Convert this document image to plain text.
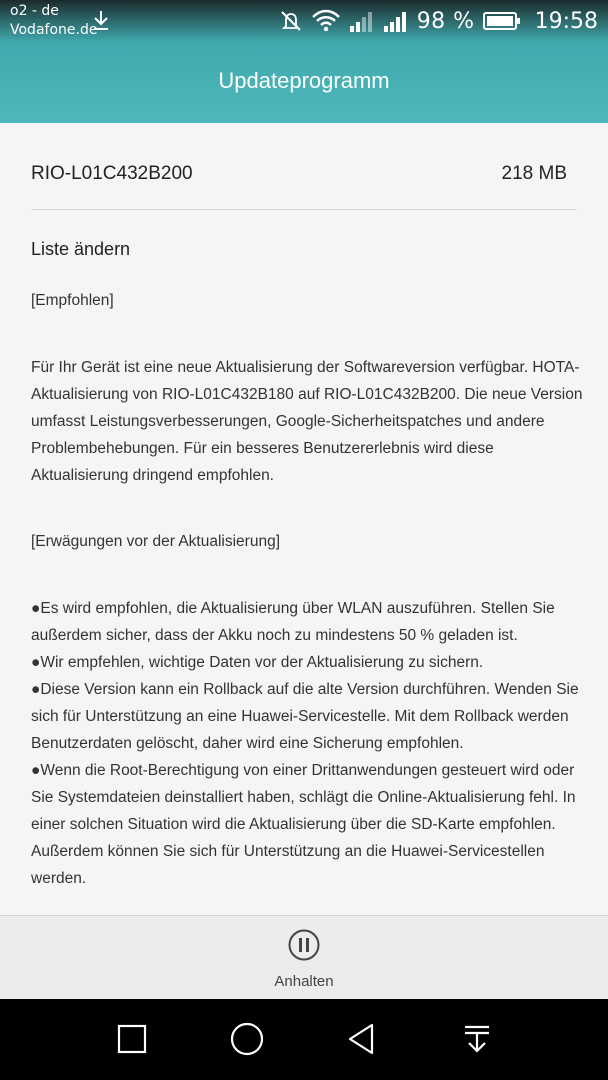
o2 - de
Vodafone.de	98 %	19:58
Updateprogramm
RIO-L01C432B200	218 MB
Liste ändern
[Empfohlen]
Für Ihr Gerät ist eine neue Aktualisierung der Softwareversion verfügbar. HOTA-Aktualisierung von RIO-L01C432B180 auf RIO-L01C432B200. Die neue Version umfasst Leistungsverbesserungen, Google-Sicherheitspatches und andere Problembehebungen. Für ein besseres Benutzererlebnis wird diese Aktualisierung dringend empfohlen.
[Erwägungen vor der Aktualisierung]

●Es wird empfohlen, die Aktualisierung über WLAN auszuführen. Stellen Sie außerdem sicher, dass der Akku noch zu mindestens 50 % geladen ist.

●Wir empfehlen, wichtige Daten vor der Aktualisierung zu sichern.

●Diese Version kann ein Rollback auf die alte Version durchführen. Wenden Sie sich für Unterstützung an eine Huawei-Servicestelle. Mit dem Rollback werden Benutzerdaten gelöscht, daher wird eine Sicherung empfohlen.

●Wenn die Root-Berechtigung von einer Drittanwendungen gesteuert wird oder Sie Systemdateien deinstalliert haben, schlägt die Online-Aktualisierung fehl. In einer solchen Situation wird die Aktualisierung über die SD-Karte empfohlen. Außerdem können Sie sich für Unterstützung an die Huawei-Servicestellen werden.

Anhalten
